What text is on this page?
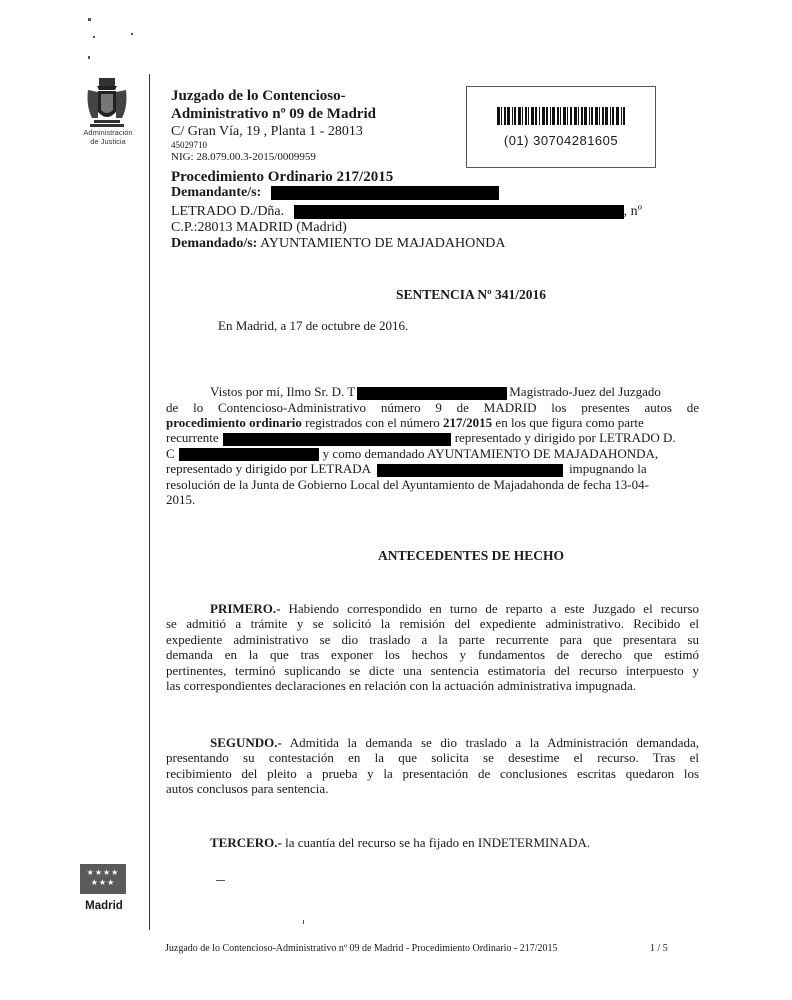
Administración
de Justicia
Juzgado de lo Contencioso-
Administrativo nº 09 de Madrid
C/ Gran Vía, 19 , Planta 1 - 28013
45029710
NIG: 28.079.00.3-2015/0009959
Procedimiento Ordinario 217/2015
Demandante/s:
LETRADO D./Dña.	, nº
C.P.:28013 MADRID (Madrid)
Demandado/s: AYUNTAMIENTO DE MAJADAHONDA
(01) 30704281605
SENTENCIA Nº 341/2016
En Madrid, a 17 de octubre de 2016.
Vistos por mí, Ilmo Sr. D. T	Magistrado-Juez del Juzgado
de lo Contencioso-Administrativo número 9 de MADRID los presentes autos de
procedimiento ordinario registrados con el número 217/2015 en los que figura como parte
recurrente	representado y dirigido por LETRADO D.
C	y como demandado AYUNTAMIENTO DE MAJADAHONDA,
representado y dirigido por LETRADA	impugnando la
resolución de la Junta de Gobierno Local del Ayuntamiento de Majadahonda de fecha 13-04-
2015.
ANTECEDENTES DE HECHO
PRIMERO.- Habiendo correspondido en turno de reparto a este Juzgado el recurso
se admitió a trámite y se solicitó la remisión del expediente administrativo. Recibido el
expediente administrativo se dio traslado a la parte recurrente para que presentara su
demanda en la que tras exponer los hechos y fundamentos de derecho que estimó
pertinentes, terminó suplicando se dicte una sentencia estimatoria del recurso interpuesto y
las correspondientes declaraciones en relación con la actuación administrativa impugnada.
SEGUNDO.- Admitida la demanda se dio traslado a la Administración demandada,
presentando su contestación en la que solicita se desestime el recurso. Tras el
recibimiento del pleito a prueba y la presentación de conclusiones escritas quedaron los
autos conclusos para sentencia.
TERCERO.- la cuantía del recurso se ha fijado en INDETERMINADA.
★★★★
★★★
Madrid
Juzgado de lo Contencioso-Administrativo nº 09 de Madrid - Procedimiento Ordinario - 217/2015	1 / 5
